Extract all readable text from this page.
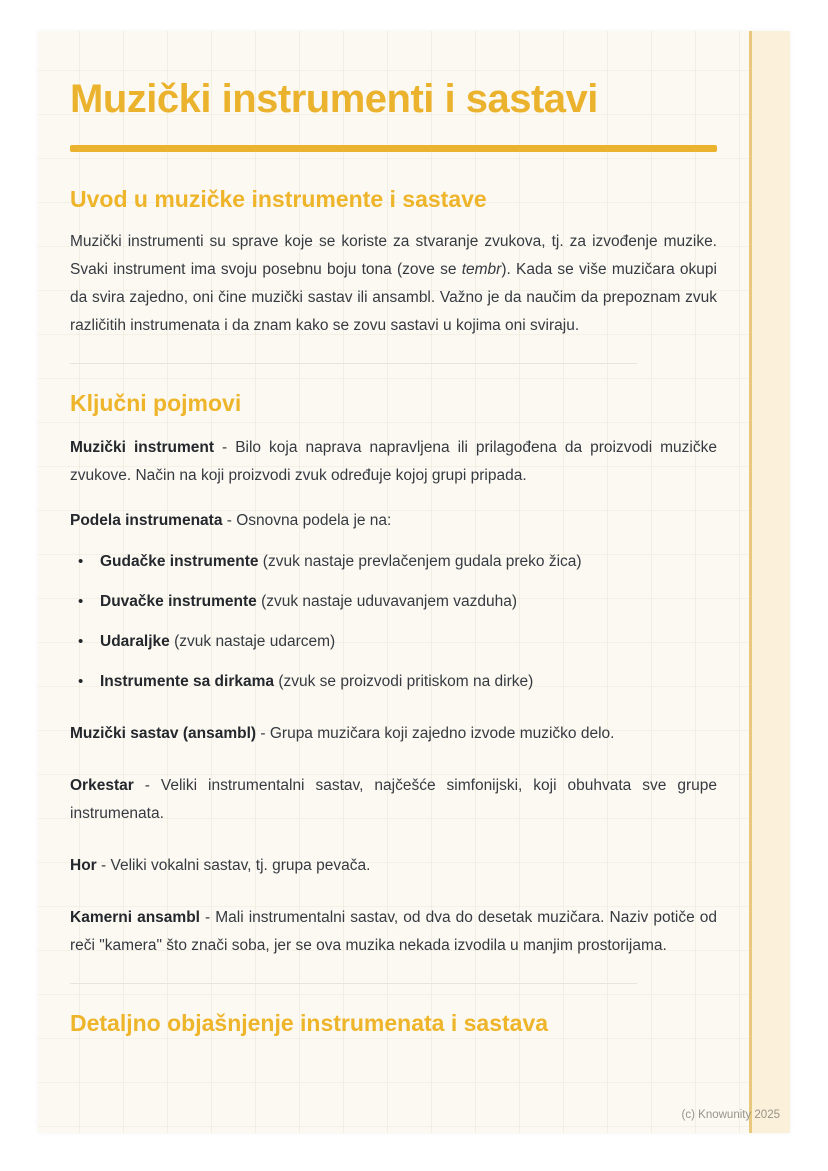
Muzički instrumenti i sastavi
Uvod u muzičke instrumente i sastave

Muzički instrumenti su sprave koje se koriste za stvaranje zvukova, tj. za izvođenje muzike. Svaki instrument ima svoju posebnu boju tona (zove se tembr). Kada se više muzičara okupi da svira zajedno, oni čine muzički sastav ili ansambl. Važno je da naučim da prepoznam zvuk različitih instrumenata i da znam kako se zovu sastavi u kojima oni sviraju.

Ključni pojmovi

Muzički instrument - Bilo koja naprava napravljena ili prilagođena da proizvodi muzičke zvukove. Način na koji proizvodi zvuk određuje kojoj grupi pripada.

Podela instrumenata - Osnovna podela je na:

•	Gudačke instrumente (zvuk nastaje prevlačenjem gudala preko žica)
•	Duvačke instrumente (zvuk nastaje uduvavanjem vazduha)
•	Udaraljke (zvuk nastaje udarcem)
•	Instrumente sa dirkama (zvuk se proizvodi pritiskom na dirke)

Muzički sastav (ansambl) - Grupa muzičara koji zajedno izvode muzičko delo.

Orkestar - Veliki instrumentalni sastav, najčešće simfonijski, koji obuhvata sve grupe instrumenata.

Hor - Veliki vokalni sastav, tj. grupa pevača.

Kamerni ansambl - Mali instrumentalni sastav, od dva do desetak muzičara. Naziv potiče od reči "kamera" što znači soba, jer se ova muzika nekada izvodila u manjim prostorijama.

Detaljno objašnjenje instrumenata i sastava
(c) Knowunity 2025
